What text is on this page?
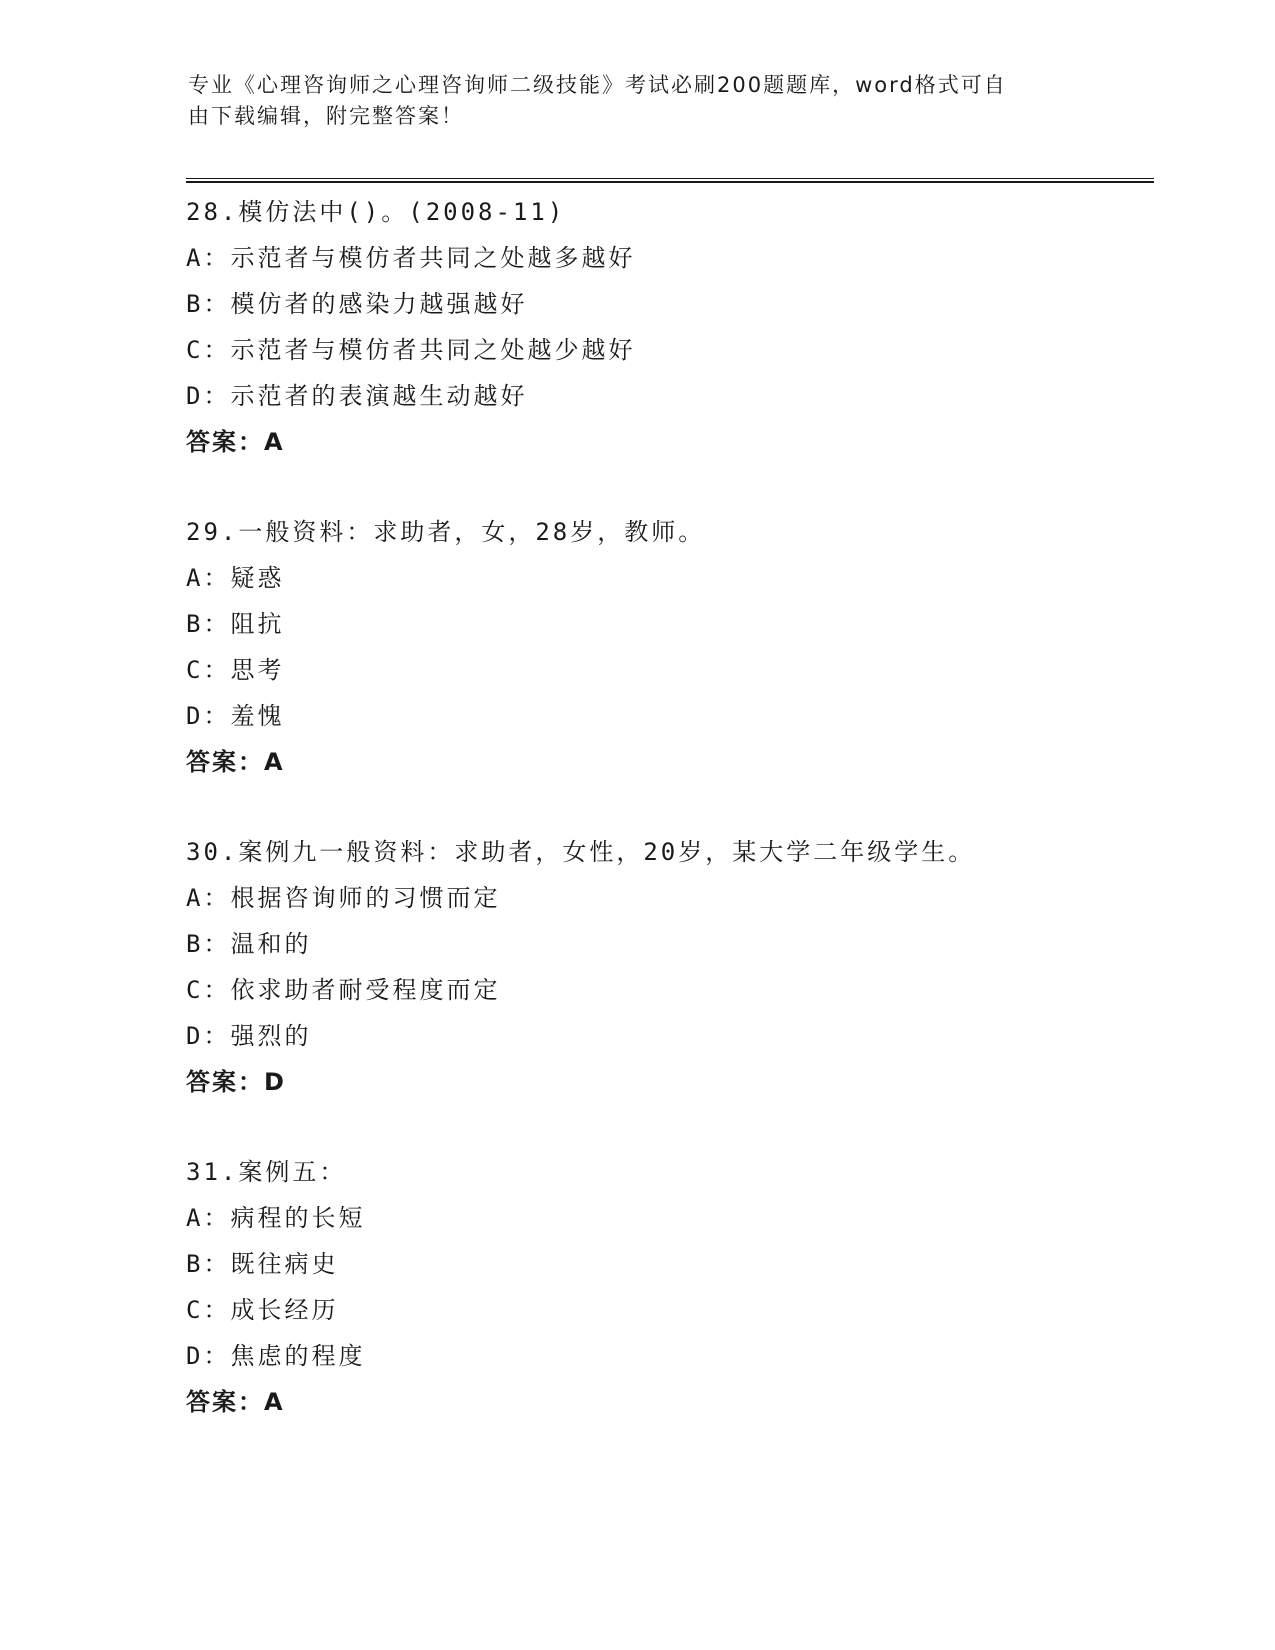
专业《心理咨询师之心理咨询师二级技能》考试必刷200题题库，word格式可自
由下载编辑，附完整答案！
28.模仿法中()。(2008-11)
A：示范者与模仿者共同之处越多越好
B：模仿者的感染力越强越好
C：示范者与模仿者共同之处越少越好
D：示范者的表演越生动越好
答案：A
29.一般资料：求助者，女，28岁，教师。
A：疑惑
B：阻抗
C：思考
D：羞愧
答案：A
30.案例九一般资料：求助者，女性，20岁，某大学二年级学生。
A：根据咨询师的习惯而定
B：温和的
C：依求助者耐受程度而定
D：强烈的
答案：D
31.案例五：
A：病程的长短
B：既往病史
C：成长经历
D：焦虑的程度
答案：A
